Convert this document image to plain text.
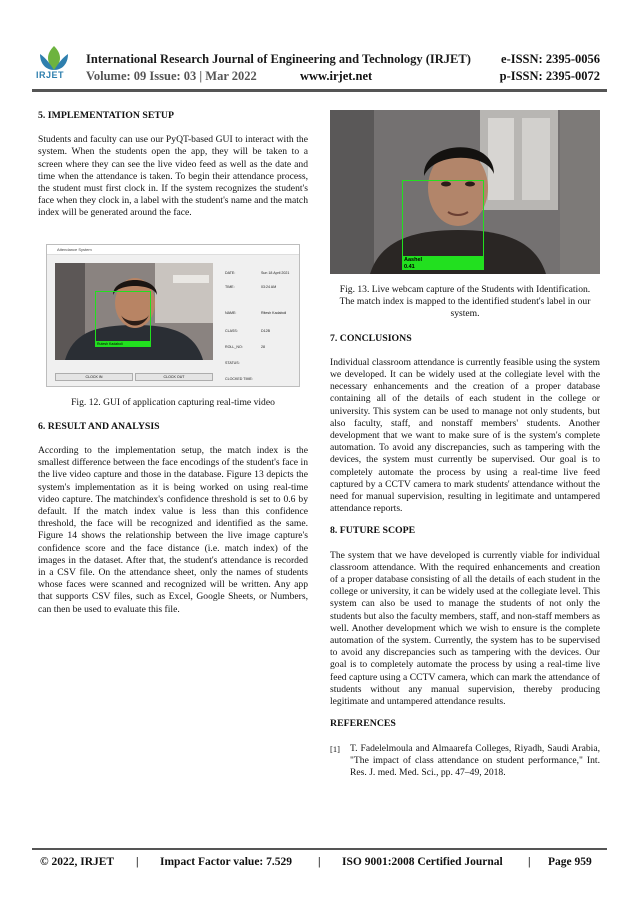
IRJET
International Research Journal of Engineering and Technology (IRJET) e-ISSN: 2395-0056
Volume: 09 Issue: 03 | Mar 2022	www.irjet.net	p-ISSN: 2395-0072
5. IMPLEMENTATION SETUP
Students and faculty can use our PyQT-based GUI to interact with the system. When the students open the app, they will be taken to a screen where they can see the live video feed as well as the date and time when the attendance is taken. To begin their attendance process, the student must first clock in. If the system recognizes the student's face when they clock in, a label with the student's name and the match index will be generated around the face.
Fig. 12. GUI of application capturing real-time video
6. RESULT AND ANALYSIS
According to the implementation setup, the match index is the smallest difference between the face encodings of the student's face in the live video capture and those in the database. Figure 13 depicts the system's implementation as it is being worked on using real-time video capture. The matchindex's confidence threshold is set to 0.6 by default. If the match index value is less than this confidence threshold, the face will be recognized and identified as the same. Figure 14 shows the relationship between the live image capture's confidence score and the face distance (i.e. match index) of the images in the dataset. After that, the student's attendance is recorded in a CSV file. On the attendance sheet, only the names of students whose faces were scanned and recognized will be written. Any app that supports CSV files, such as Excel, Google Sheets, or Numbers, can then be used to evaluate this file.
Attendance System
Rutesh Kadaboli
DATE:	Sun 18 April 2021
TIME:	03:24 AM
NAME:	Ritesh Kadaboli
CLASS:	D12B
ROLL_NO:	28
STATUS:
CLOCKED TIME:
CLOCK IN	CLOCK OUT
Aashel
0.41
Fig. 13. Live webcam capture of the Students with Identification. The match index is mapped to the identified student's label in our system.
7. CONCLUSIONS
Individual classroom attendance is currently feasible using the system we developed. It can be widely used at the collegiate level with the necessary enhancements and the creation of a proper database containing all of the details of each student in the college or university. This system can be used to manage not only students, but also faculty, staff, and nonstaff members' students. Another development that we want to make sure of is the system's complete automation. To avoid any discrepancies, such as tampering with the devices, the system must currently be supervised. Our goal is to completely automate the process by using a real-time live feed captured by a CCTV camera to mark students' attendance without the need for manual supervision, resulting in legitimate and untampered attendance reports.
8. FUTURE SCOPE
The system that we have developed is currently viable for individual classroom attendance. With the required enhancements and creation of a proper database consisting of all the details of each student in the college or university, it can be widely used at the collegiate level. This system can also be used to manage the students of not only the students but also the faculty members, staff, and non-staff members as well. Another development which we wish to ensure is the complete automation of the system. Currently, the system has to be supervised to avoid any discrepancies such as tampering with the devices. Our goal is to completely automate the process by using a real-time live feed capture using a CCTV camera, which can mark the attendance of students without any manual supervision, thereby producing legitimate and untampered attendance results.
REFERENCES
[1]	T. Fadelelmoula and Almaarefa Colleges, Riyadh, Saudi Arabia, "The impact of class attendance on student performance," Int. Res. J. med. Med. Sci., pp. 47–49, 2018.
© 2022, IRJET | Impact Factor value: 7.529 | ISO 9001:2008 Certified Journal | Page 959
